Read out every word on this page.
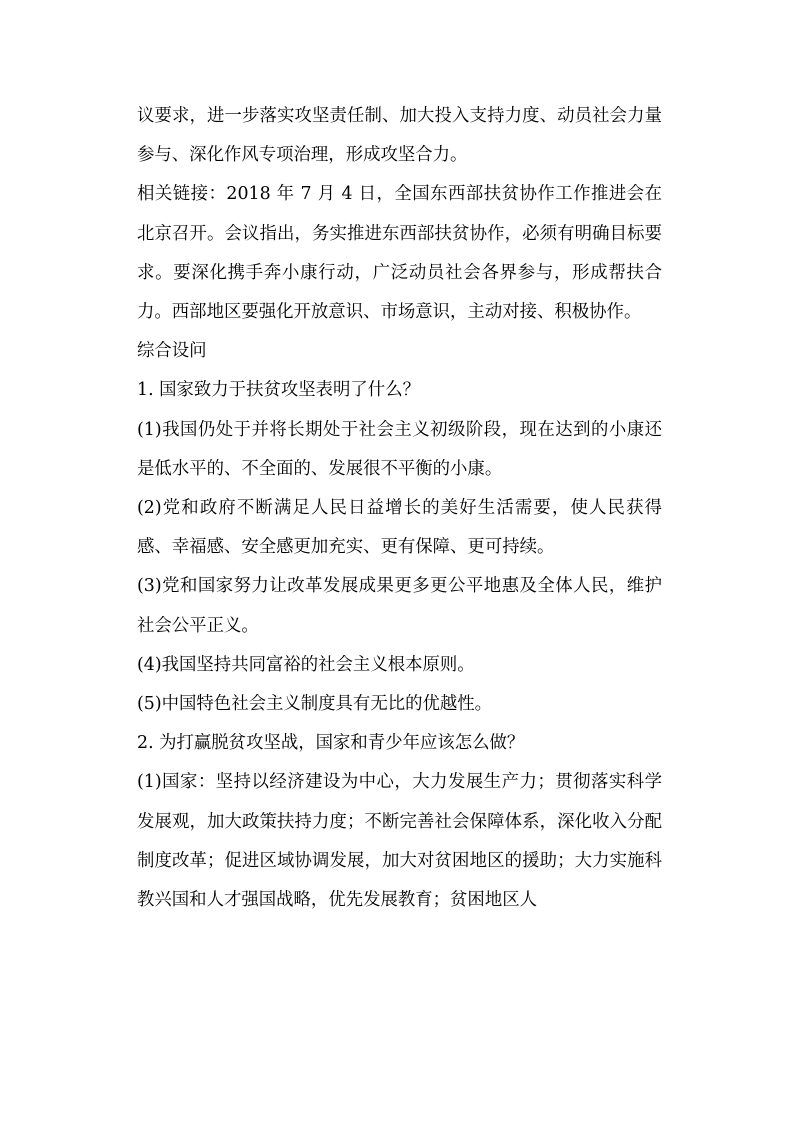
议要求，进一步落实攻坚责任制、加大投入支持力度、动员社会力量参与、深化作风专项治理，形成攻坚合力。

相关链接：2018 年 7 月 4 日，全国东西部扶贫协作工作推进会在北京召开。会议指出，务实推进东西部扶贫协作，必须有明确目标要求。要深化携手奔小康行动，广泛动员社会各界参与，形成帮扶合力。西部地区要强化开放意识、市场意识，主动对接、积极协作。

综合设问

1. 国家致力于扶贫攻坚表明了什么？

(1)我国仍处于并将长期处于社会主义初级阶段，现在达到的小康还是低水平的、不全面的、发展很不平衡的小康。

(2)党和政府不断满足人民日益增长的美好生活需要，使人民获得感、幸福感、安全感更加充实、更有保障、更可持续。

(3)党和国家努力让改革发展成果更多更公平地惠及全体人民，维护社会公平正义。

(4)我国坚持共同富裕的社会主义根本原则。

(5)中国特色社会主义制度具有无比的优越性。

2. 为打赢脱贫攻坚战，国家和青少年应该怎么做？

(1)国家：坚持以经济建设为中心，大力发展生产力；贯彻落实科学发展观，加大政策扶持力度；不断完善社会保障体系，深化收入分配制度改革；促进区域协调发展，加大对贫困地区的援助；大力实施科教兴国和人才强国战略，优先发展教育；贫困地区人
